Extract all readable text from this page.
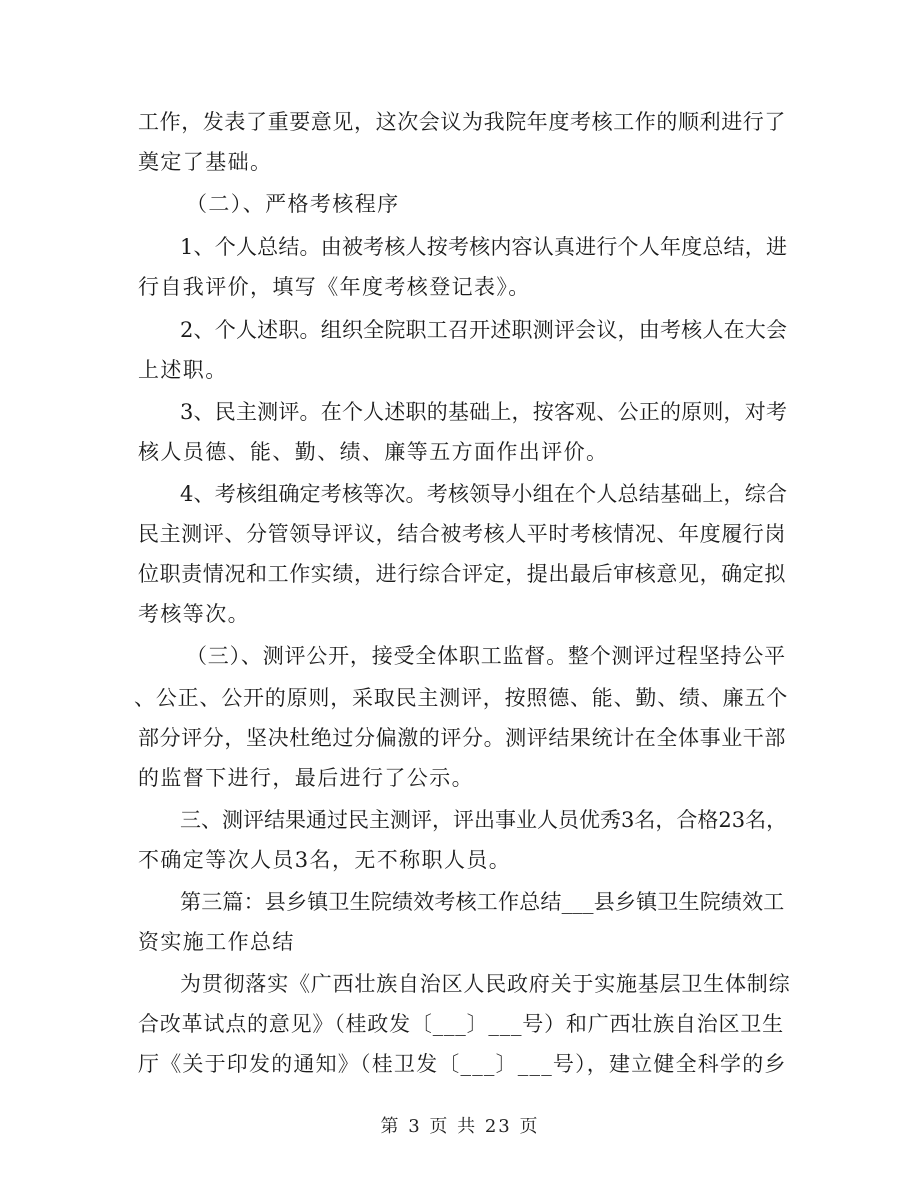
工作，发表了重要意见，这次会议为我院年度考核工作的顺利进行了
奠定了基础。
（二）、严格考核程序
1、个人总结。由被考核人按考核内容认真进行个人年度总结，进
行自我评价，填写《年度考核登记表》。
2、个人述职。组织全院职工召开述职测评会议，由考核人在大会
上述职。
3、民主测评。在个人述职的基础上，按客观、公正的原则，对考
核人员德、能、勤、绩、廉等五方面作出评价。
4、考核组确定考核等次。考核领导小组在个人总结基础上，综合
民主测评、分管领导评议，结合被考核人平时考核情况、年度履行岗
位职责情况和工作实绩，进行综合评定，提出最后审核意见，确定拟
考核等次。
（三）、测评公开，接受全体职工监督。整个测评过程坚持公平
、公正、公开的原则，采取民主测评，按照德、能、勤、绩、廉五个
部分评分，坚决杜绝过分偏激的评分。测评结果统计在全体事业干部
的监督下进行，最后进行了公示。
三、测评结果通过民主测评，评出事业人员优秀3名，合格23名，
不确定等次人员3名，无不称职人员。
第三篇：县乡镇卫生院绩效考核工作总结___县乡镇卫生院绩效工
资实施工作总结
为贯彻落实《广西壮族自治区人民政府关于实施基层卫生体制综
合改革试点的意见》（桂政发〔___〕___号）和广西壮族自治区卫生
厅《关于印发的通知》（桂卫发〔___〕___号），建立健全科学的乡
第 3 页 共 23 页
